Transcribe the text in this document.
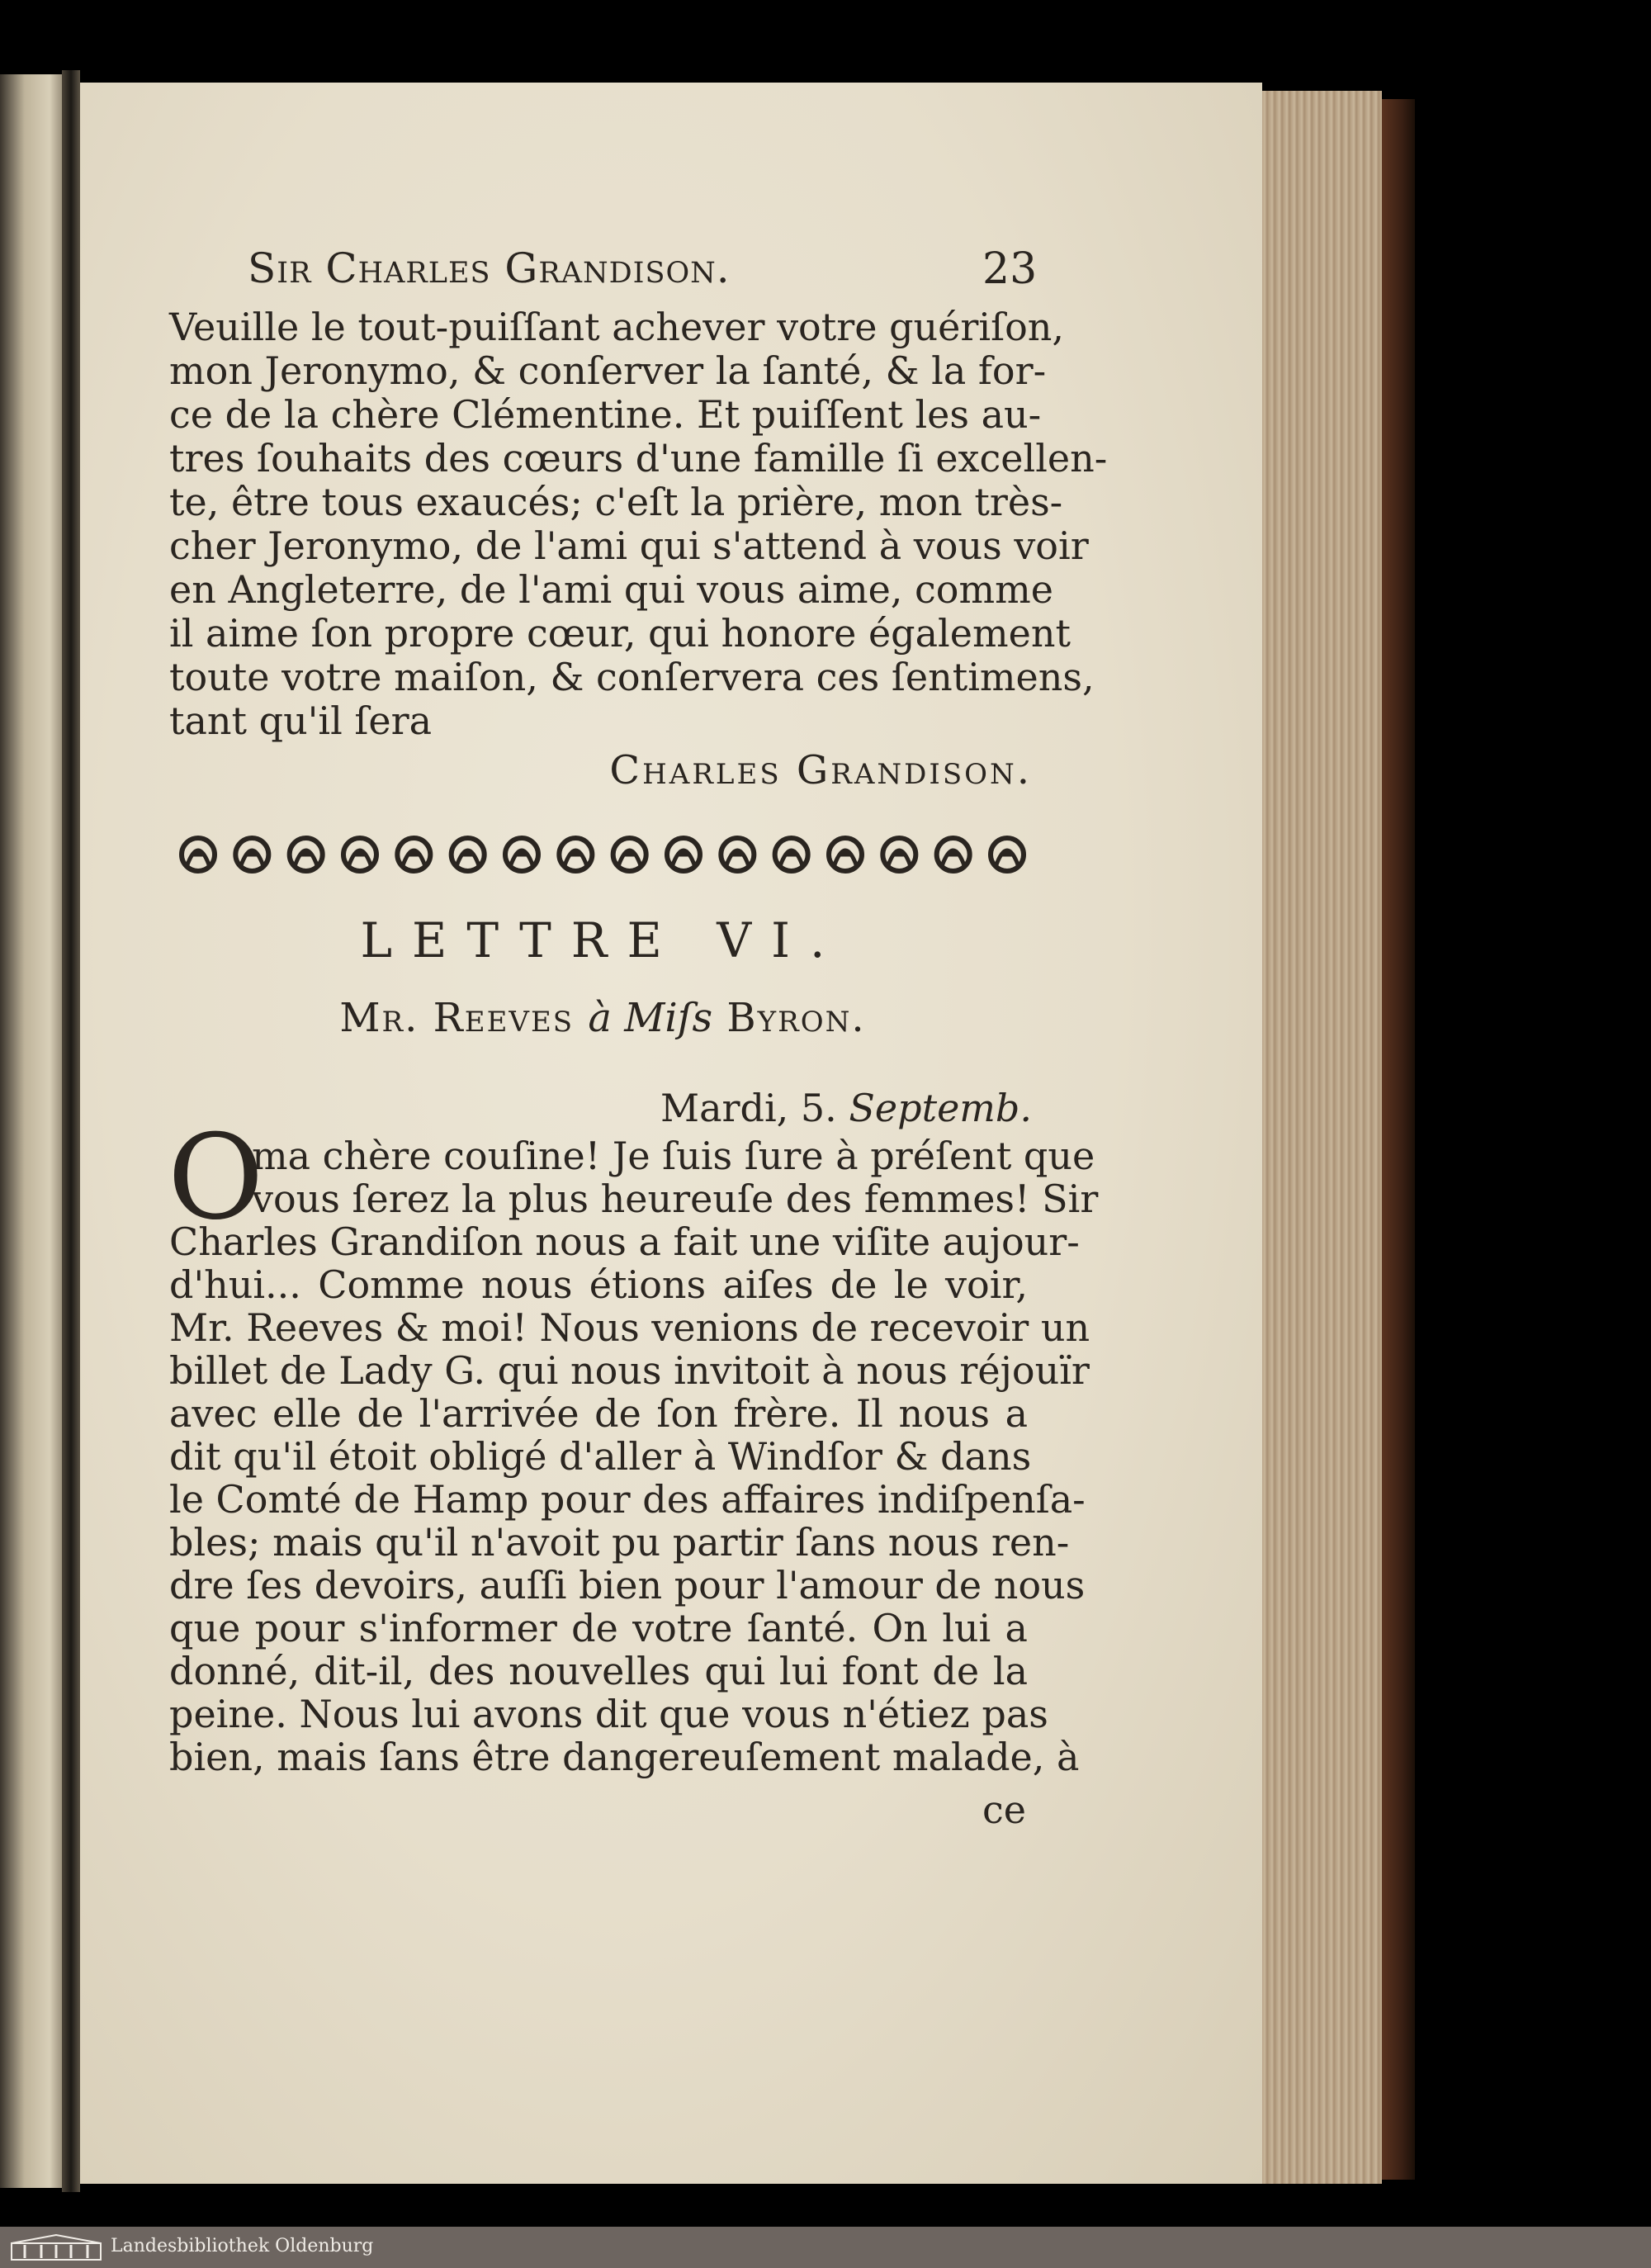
Sir Charles Grandison.	23
Veuille le tout-puiſſant achever votre guériſon,
mon Jeronymo, & conſerver la ſanté, & la for-
ce de la chère Clémentine. Et puiſſent les au-
tres ſouhaits des cœurs d'une famille ſi excellen-
te, être tous exaucés; c'eſt la prière, mon très-
cher Jeronymo, de l'ami qui s'attend à vous voir
en Angleterre, de l'ami qui vous aime, comme
il aime ſon propre cœur, qui honore également
toute votre maiſon, & conſervera ces ſentimens,
tant qu'il ſera
Charles Grandison.
LETTRE VI.
Mr. Reeves à Miſs Byron.
Mardi, 5. Septemb.
O
ma chère couſine! Je ſuis ſure à préſent que
vous ſerez la plus heureuſe des femmes! Sir
Charles Grandiſon nous a fait une viſite aujour-
d'hui... Comme nous étions aiſes de le voir,
Mr. Reeves & moi! Nous venions de recevoir un
billet de Lady G. qui nous invitoit à nous réjouïr
avec elle de l'arrivée de ſon frère. Il nous a
dit qu'il étoit obligé d'aller à Windſor & dans
le Comté de Hamp pour des affaires indiſpenſa-
bles; mais qu'il n'avoit pu partir ſans nous ren-
dre ſes devoirs, auſſi bien pour l'amour de nous
que pour s'informer de votre ſanté. On lui a
donné, dit-il, des nouvelles qui lui font de la
peine. Nous lui avons dit que vous n'étiez pas
bien, mais ſans être dangereuſement malade, à
ce
Landesbibliothek Oldenburg
